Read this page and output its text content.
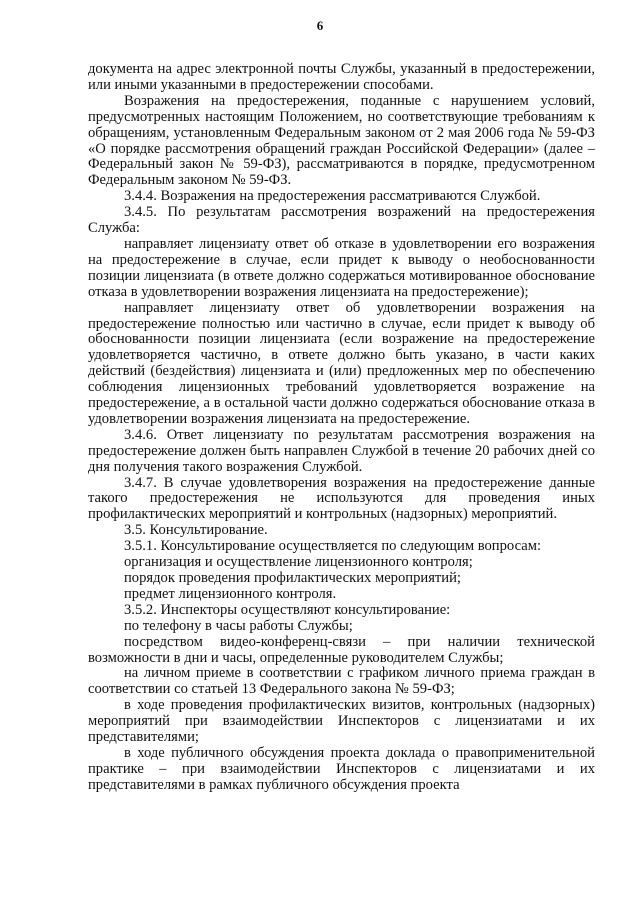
6

документа на адрес электронной почты Службы, указанный в предостережении, или иными указанными в предостережении способами.

Возражения на предостережения, поданные с нарушением условий, предусмотренных настоящим Положением, но соответствующие требованиям к обращениям, установленным Федеральным законом от 2 мая 2006 года № 59-ФЗ «О порядке рассмотрения обращений граждан Российской Федерации» (далее – Федеральный закон № 59-ФЗ), рассматриваются в порядке, предусмотренном Федеральным законом № 59-ФЗ.

3.4.4. Возражения на предостережения рассматриваются Службой.

3.4.5. По результатам рассмотрения возражений на предостережения Служба:

направляет лицензиату ответ об отказе в удовлетворении его возражения на предостережение в случае, если придет к выводу о необоснованности позиции лицензиата (в ответе должно содержаться мотивированное обоснование отказа в удовлетворении возражения лицензиата на предостережение);

направляет лицензиату ответ об удовлетворении возражения на предостережение полностью или частично в случае, если придет к выводу об обоснованности позиции лицензиата (если возражение на предостережение удовлетворяется частично, в ответе должно быть указано, в части каких действий (бездействия) лицензиата и (или) предложенных мер по обеспечению соблюдения лицензионных требований удовлетворяется возражение на предостережение, а в остальной части должно содержаться обоснование отказа в удовлетворении возражения лицензиата на предостережение.

3.4.6. Ответ лицензиату по результатам рассмотрения возражения на предостережение должен быть направлен Службой в течение 20 рабочих дней со дня получения такого возражения Службой.

3.4.7. В случае удовлетворения возражения на предостережение данные такого предостережения не используются для проведения иных профилактических мероприятий и контрольных (надзорных) мероприятий.

3.5. Консультирование.

3.5.1. Консультирование осуществляется по следующим вопросам:

организация и осуществление лицензионного контроля;

порядок проведения профилактических мероприятий;

предмет лицензионного контроля.

3.5.2. Инспекторы осуществляют консультирование:

по телефону в часы работы Службы;

посредством видео-конференц-связи – при наличии технической возможности в дни и часы, определенные руководителем Службы;

на личном приеме в соответствии с графиком личного приема граждан в соответствии со статьей 13 Федерального закона № 59-ФЗ;

в ходе проведения профилактических визитов, контрольных (надзорных) мероприятий при взаимодействии Инспекторов с лицензиатами и их представителями;

в ходе публичного обсуждения проекта доклада о правоприменительной практике – при взаимодействии Инспекторов с лицензиатами и их представителями в рамках публичного обсуждения проекта
